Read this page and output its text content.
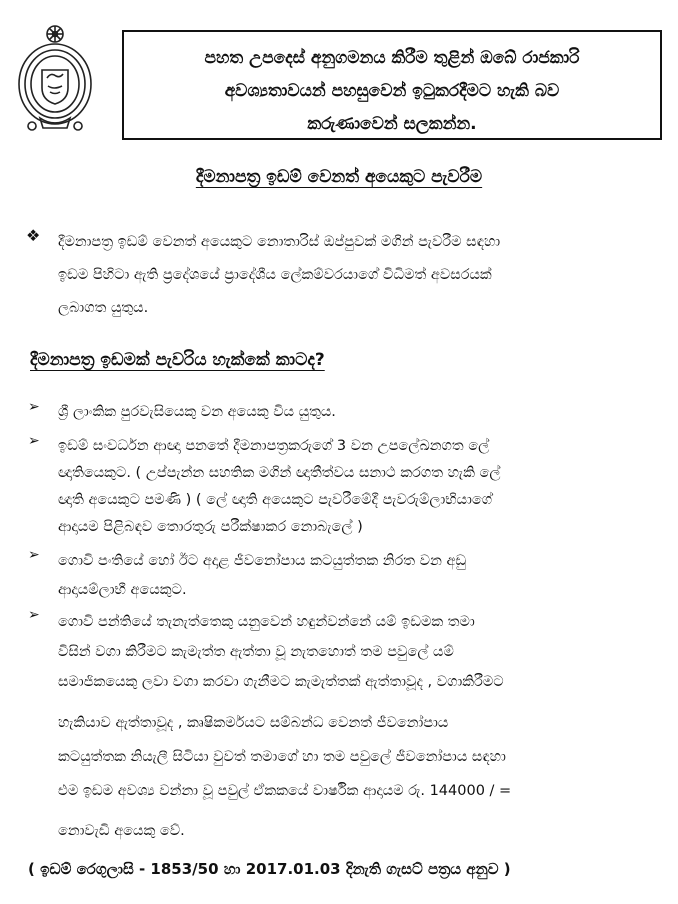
පහත උපදෙස් අනුගමනය කිරීම තුළින් ඔබේ රාජකාරි
අවශ්‍යතාවයන් පහසුවෙන් ඉටුකරදීමට හැකි බව
කරුණාවෙන් සලකන්න.
දීමනාපත්‍ර ඉඩම් වෙනත් අයෙකුට පැවරීම
❖ දීමනාපත්‍ර ඉඩම් වෙනත් අයෙකුට නොතාරිස් ඔප්පුවක් මගින් පැවරීම සඳහා
ඉඩම පිහිටා ඇති ප්‍රදේශයේ ප්‍රාදේශීය ලේකම්වරයාගේ විධිමත් අවසරයක්
ලබාගත යුතුය.
දීමනාපත්‍ර ඉඩමක් පැවරිය හැක්කේ කාටද?
➢ ශ්‍රී ලාංකික පුරවැසියෙකු වන අයෙකු විය යුතුය.
➢ ඉඩම් සංවර්ධන ආඥා පනතේ දීමනාපත්‍රකරුගේ 3 වන උපලේඛනගත ලේ
ඥාතියෙකුට. ( උප්පැන්න සහතික මගින් ඥාතීත්වය සනාථ කරගත හැකි ලේ
ඥාති අයෙකුට පමණි ) ( ලේ ඥාති අයෙකුට පැවරීමේදී පැවරුම්ලාභියාගේ
ආදායම පිළිබඳව තොරතුරු පරීක්ෂාකර නොබැලේ )
➢ ගොවි පංතියේ හෝ ඊට අදාළ ජීවනෝපාය කටයුත්තක නිරත වන අඩු
ආදායම්ලාභී අයෙකුට.
➢ ගොවි පන්තියේ තැනැත්තෙකු යනුවෙන් හඳුන්වන්නේ යම් ඉඩමක තමා
විසින් වගා කිරීමට කැමැත්ත ඇත්තා වූ නැතහොත් තම පවුලේ යම්
සමාජිකයෙකු ලවා වගා කරවා ගැනීමට කැමැත්තක් ඇත්තාවූද , වගාකිරීමට
හැකියාව ඇත්තාවූද , කෘෂිකර්මයට සම්බන්ධ වෙනත් ජීවනෝපාය
කටයුත්තක නියැලී සිටියා වුවත් තමාගේ හා තම පවුලේ ජීවනෝපාය සඳහා
එම ඉඩම අවශ්‍ය වන්නා වූ පවුල් ඒකකයේ වාර්ෂික ආදායම රු. 144000 / =
නොවැඩි අයෙකු වේ.
( ඉඩම් රෙගුලාසි - 1853/50 හා 2017.01.03 දිනැති ගැසට් පත්‍රය අනුව )
